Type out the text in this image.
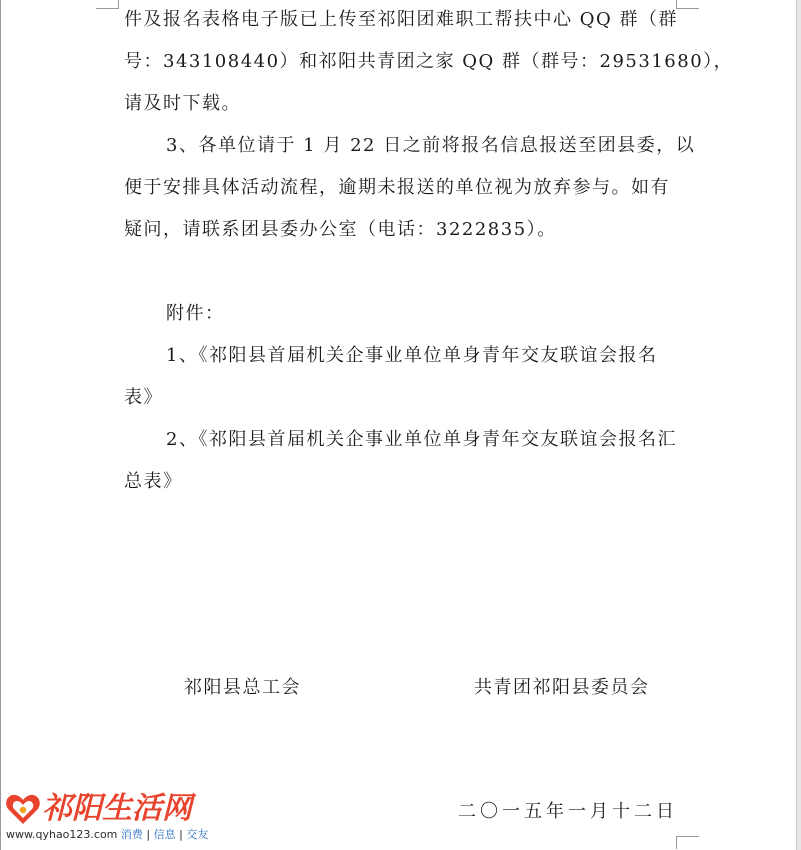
件及报名表格电子版已上传至祁阳团难职工帮扶中心 QQ 群（群
号：343108440）和祁阳共青团之家 QQ 群（群号：29531680），
请及时下载。
3、各单位请于 1 月 22 日之前将报名信息报送至团县委，以
便于安排具体活动流程，逾期未报送的单位视为放弃参与。如有
疑问，请联系团县委办公室（电话：3222835）。
附件：
1、《祁阳县首届机关企事业单位单身青年交友联谊会报名
表》
2、《祁阳县首届机关企事业单位单身青年交友联谊会报名汇
总表》
祁阳县总工会	共青团祁阳县委员会
二〇一五年一月十二日
祁阳生活网
www.qyhao123.com 消费 | 信息 | 交友
